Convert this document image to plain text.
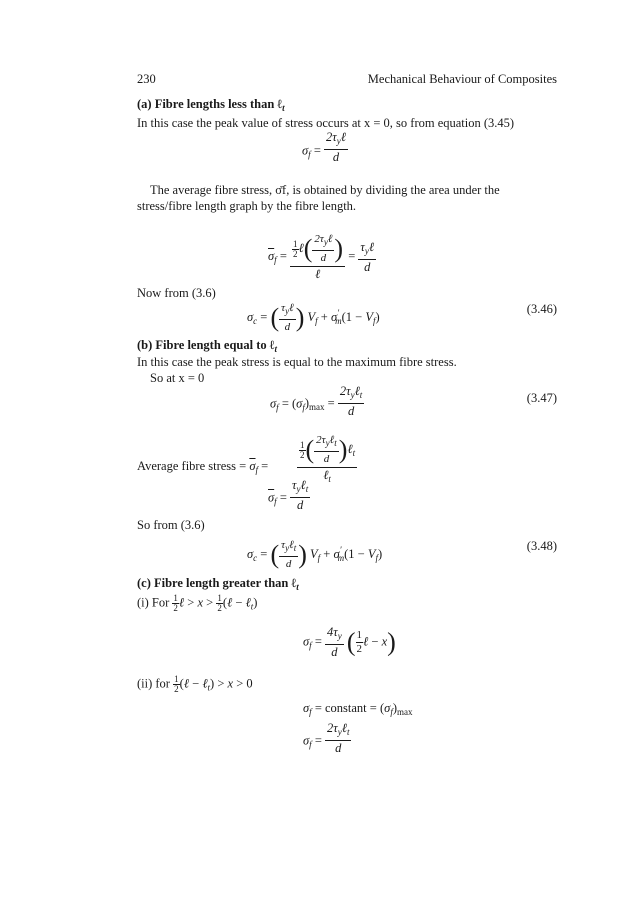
230	Mechanical Behaviour of Composites
(a) Fibre lengths less than ℓ$_t$
In this case the peak value of stress occurs at x = 0, so from equation (3.45)
$\sigma_f = \frac{2\tau_y\ell}{d}$
The average fibre stress, σ̄f, is obtained by dividing the area under the
stress/fibre length graph by the fibre length.
$\overline{\sigma}_f = \frac{\frac{1}{2} \ell( \frac{2\tau_y\ell}{d} )}{\text{ℓ}} = \frac{\tau_y\ell}{d}$
Now from (3.6)
$\sigma_c$ = ( $\frac{\tau_y\ell}{d}$ ) $V_f + \sigma'_m(1 - V_f)$
(3.46)
(b) Fibre length equal to ℓ$_t$
In this case the peak stress is equal to the maximum fibre stress.
So at x = 0
$\sigma_f = (\sigma_f)_{max} = \frac{2\tau_y\ell_t}{d}$	(3.47)
Average fibre stress = $\overline{\sigma}_f$ =	$\frac{\frac{1}{2} ( \frac{2\tau_y\ell_t}{d} )\ell_t}{\ell_t}$
$\overline{\sigma}_f = \frac{\tau_y\ell_t}{d}$
So from (3.6)
$\sigma_c$ = ( $\frac{\tau_y\ell_t}{d}$ ) $V_f + \sigma'_m(1 - V_f)$
(3.48)
(c) Fibre length greater than ℓ$_t$
(i) For $\frac{1}{2}$ ℓ > $x > \frac{1}{2}$ (ℓ − ℓ$_t$)
$\sigma_f = \frac{4\tau_y}{d}$ ( $\frac{1}{2}$ ℓ − x)
(ii) for $\frac{1}{2}$ (ℓ − ℓ$_t$) > x > 0
$\sigma_f$ = constant = $(\sigma_f)_{max}$
$\sigma_f = \frac{2\tau_y\ell_t}{d}$
